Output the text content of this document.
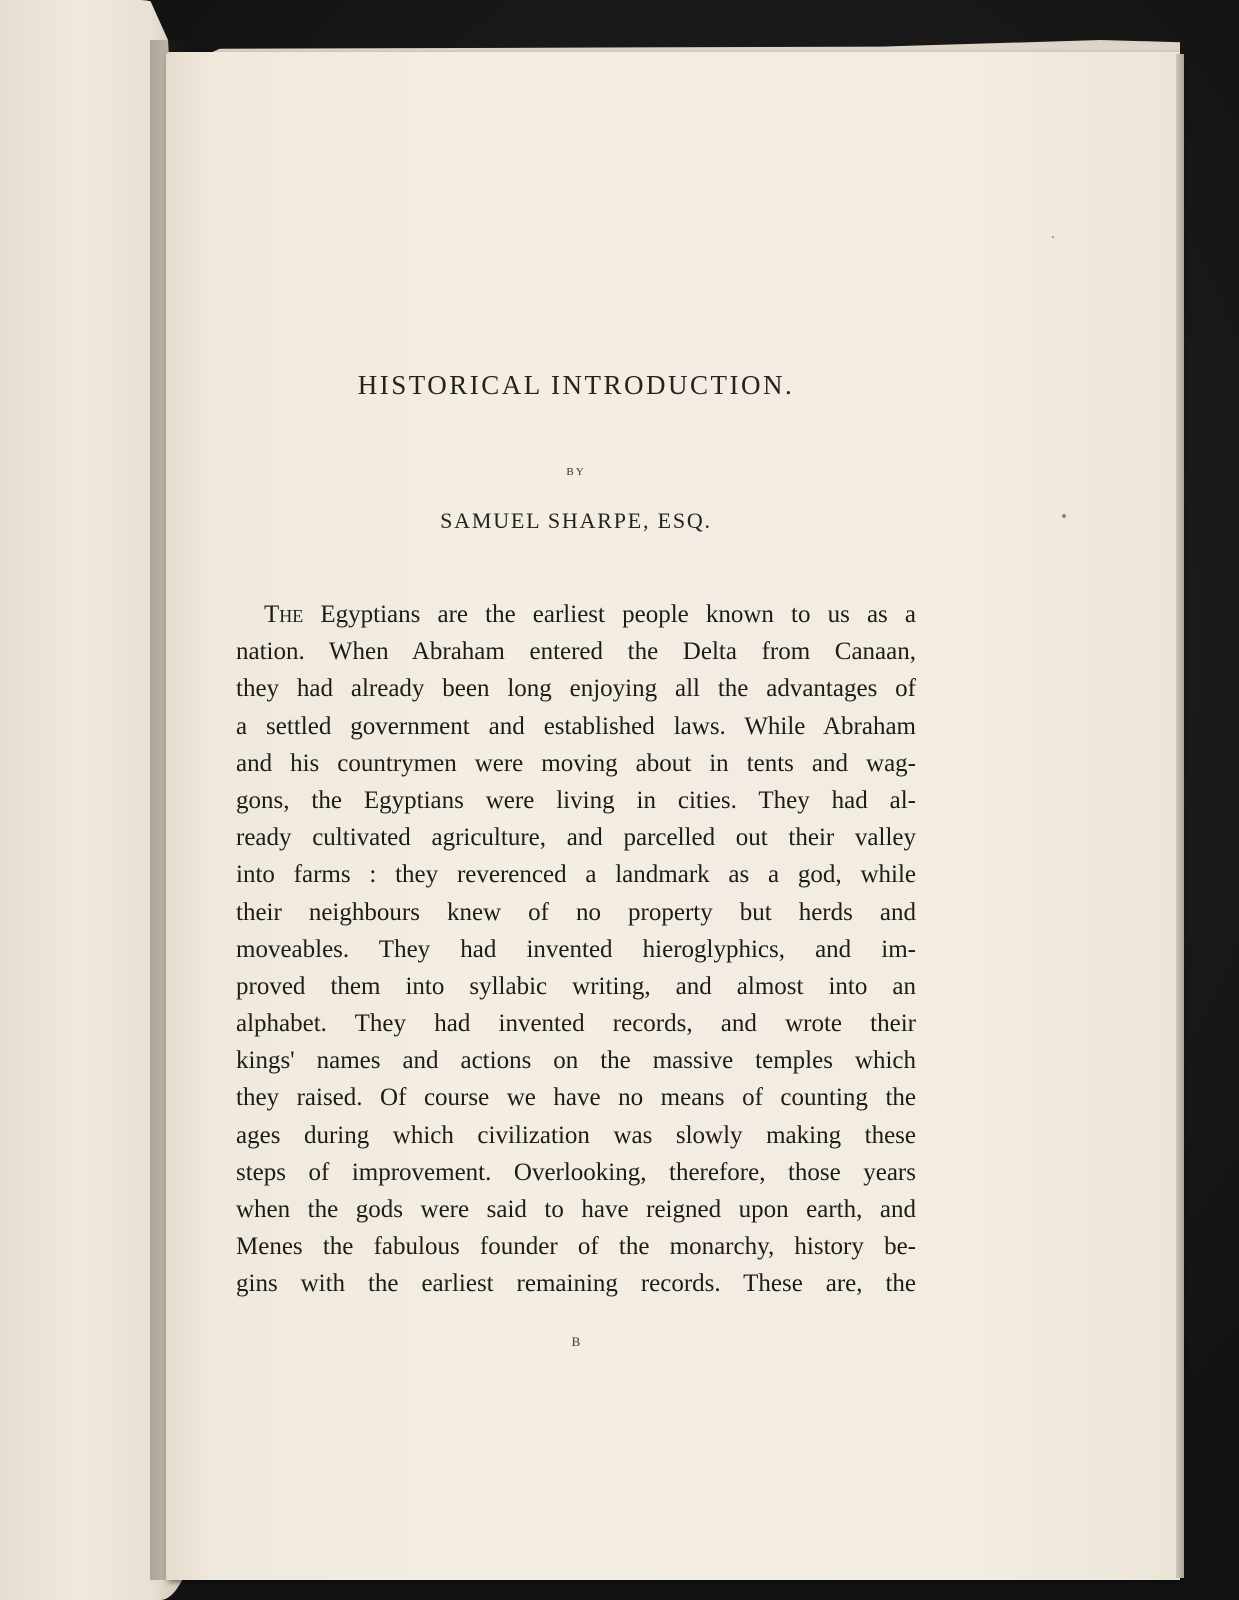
HISTORICAL INTRODUCTION.
BY
SAMUEL SHARPE, ESQ.
The Egyptians are the earliest people known to us as a
nation. When Abraham entered the Delta from Canaan,
they had already been long enjoying all the advantages of
a settled government and established laws. While Abraham
and his countrymen were moving about in tents and wag-
gons, the Egyptians were living in cities. They had al-
ready cultivated agriculture, and parcelled out their valley
into farms : they reverenced a landmark as a god, while
their neighbours knew of no property but herds and
moveables. They had invented hieroglyphics, and im-
proved them into syllabic writing, and almost into an
alphabet. They had invented records, and wrote their
kings' names and actions on the massive temples which
they raised. Of course we have no means of counting the
ages during which civilization was slowly making these
steps of improvement. Overlooking, therefore, those years
when the gods were said to have reigned upon earth, and
Menes the fabulous founder of the monarchy, history be-
gins with the earliest remaining records. These are, the
B
